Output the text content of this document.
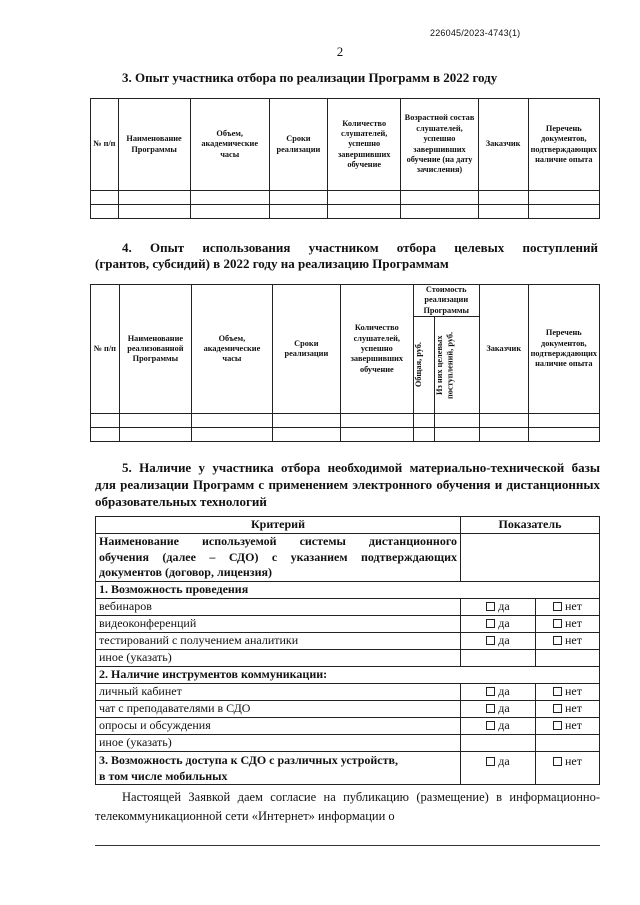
226045/2023-4743(1)
2
3. Опыт участника отбора по реализации Программ в 2022 году
№ п/п	Наименование Программы	Объем, академические часы	Сроки реализации	Количество слушателей, успешно завершивших обучение	Возрастной состав слушателей, успешно завершивших обучение (на дату зачисления)	Заказчик	Перечень документов, подтверждающих наличие опыта

4. Опыт использования участником отбора целевых поступлений
(грантов, субсидий) в 2022 году на реализацию Программам
№ п/п	Наименование реализованной Программы	Объем, академические часы	Сроки реализации	Количество слушателей, успешно завершивших обучение	Стоимость реализации Программы		Заказчик	Перечень документов, подтверждающих наличие опыта

					Общая, руб.	Из них целевых поступлений, руб.		

5. Наличие у участника отбора необходимой материально-технической базы
для реализации Программ с применением электронного обучения и дистанционных
образовательных технологий
Критерий	Показатель	

Наименование используемой системы дистанционного
обучения (далее – СДО) с указанием подтверждающих
документов (договор, лицензия)		

1. Возможность проведения		
вебинаров	да	нет
видеоконференций	да	нет
тестирований с получением аналитики	да	нет
иное (указать)		
2. Наличие инструментов коммуникации:		
личный кабинет	да	нет
чат с преподавателями в СДО	да	нет
опросы и обсуждения	да	нет
иное (указать)		

3. Возможность доступа к СДО с различных устройств,
в том числе мобильных	да	нет
Настоящей Заявкой даем согласие на публикацию (размещение) в информационно-
телекоммуникационной сети «Интернет» информации о
